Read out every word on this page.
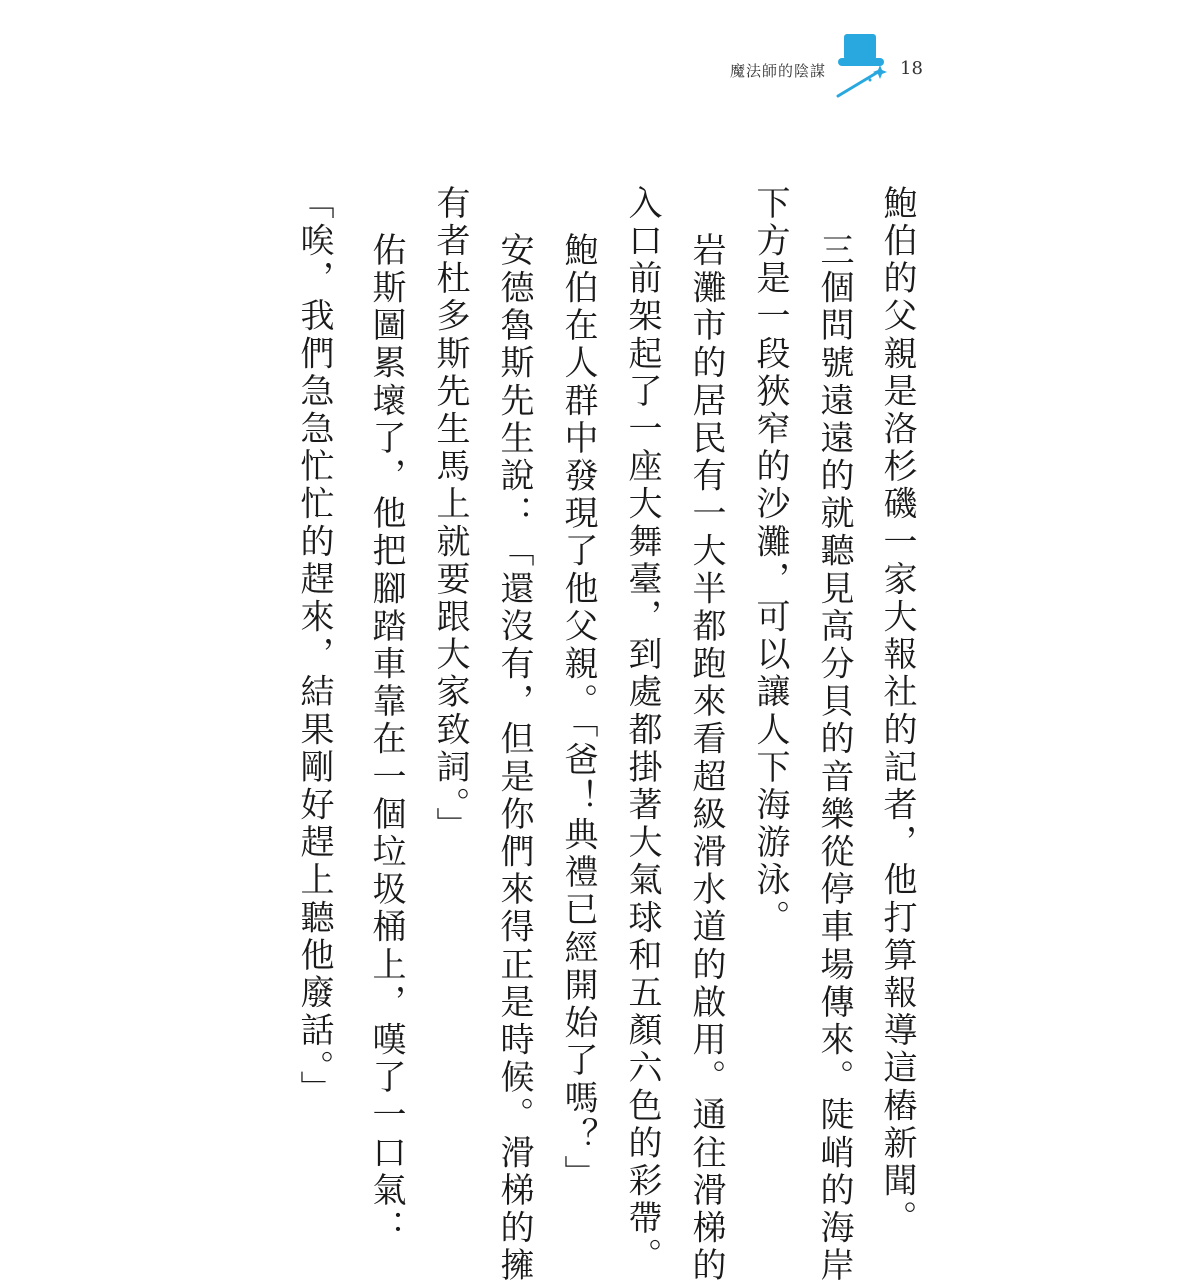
魔法師的陰謀	18
鮑伯的父親是洛杉磯一家大報社的記者，他打算報導這樁新聞。
三個問號遠遠的就聽見高分貝的音樂從停車場傳來。陡峭的海岸
下方是一段狹窄的沙灘，可以讓人下海游泳。
岩灘市的居民有一大半都跑來看超級滑水道的啟用。通往滑梯的
入口前架起了一座大舞臺，到處都掛著大氣球和五顏六色的彩帶。
鮑伯在人群中發現了他父親。「爸！典禮已經開始了嗎？」
安德魯斯先生說：「還沒有，但是你們來得正是時候。滑梯的擁
有者杜多斯先生馬上就要跟大家致詞。」
佑斯圖累壞了，他把腳踏車靠在一個垃圾桶上，嘆了一口氣：
「唉，我們急急忙忙的趕來，結果剛好趕上聽他廢話。」
